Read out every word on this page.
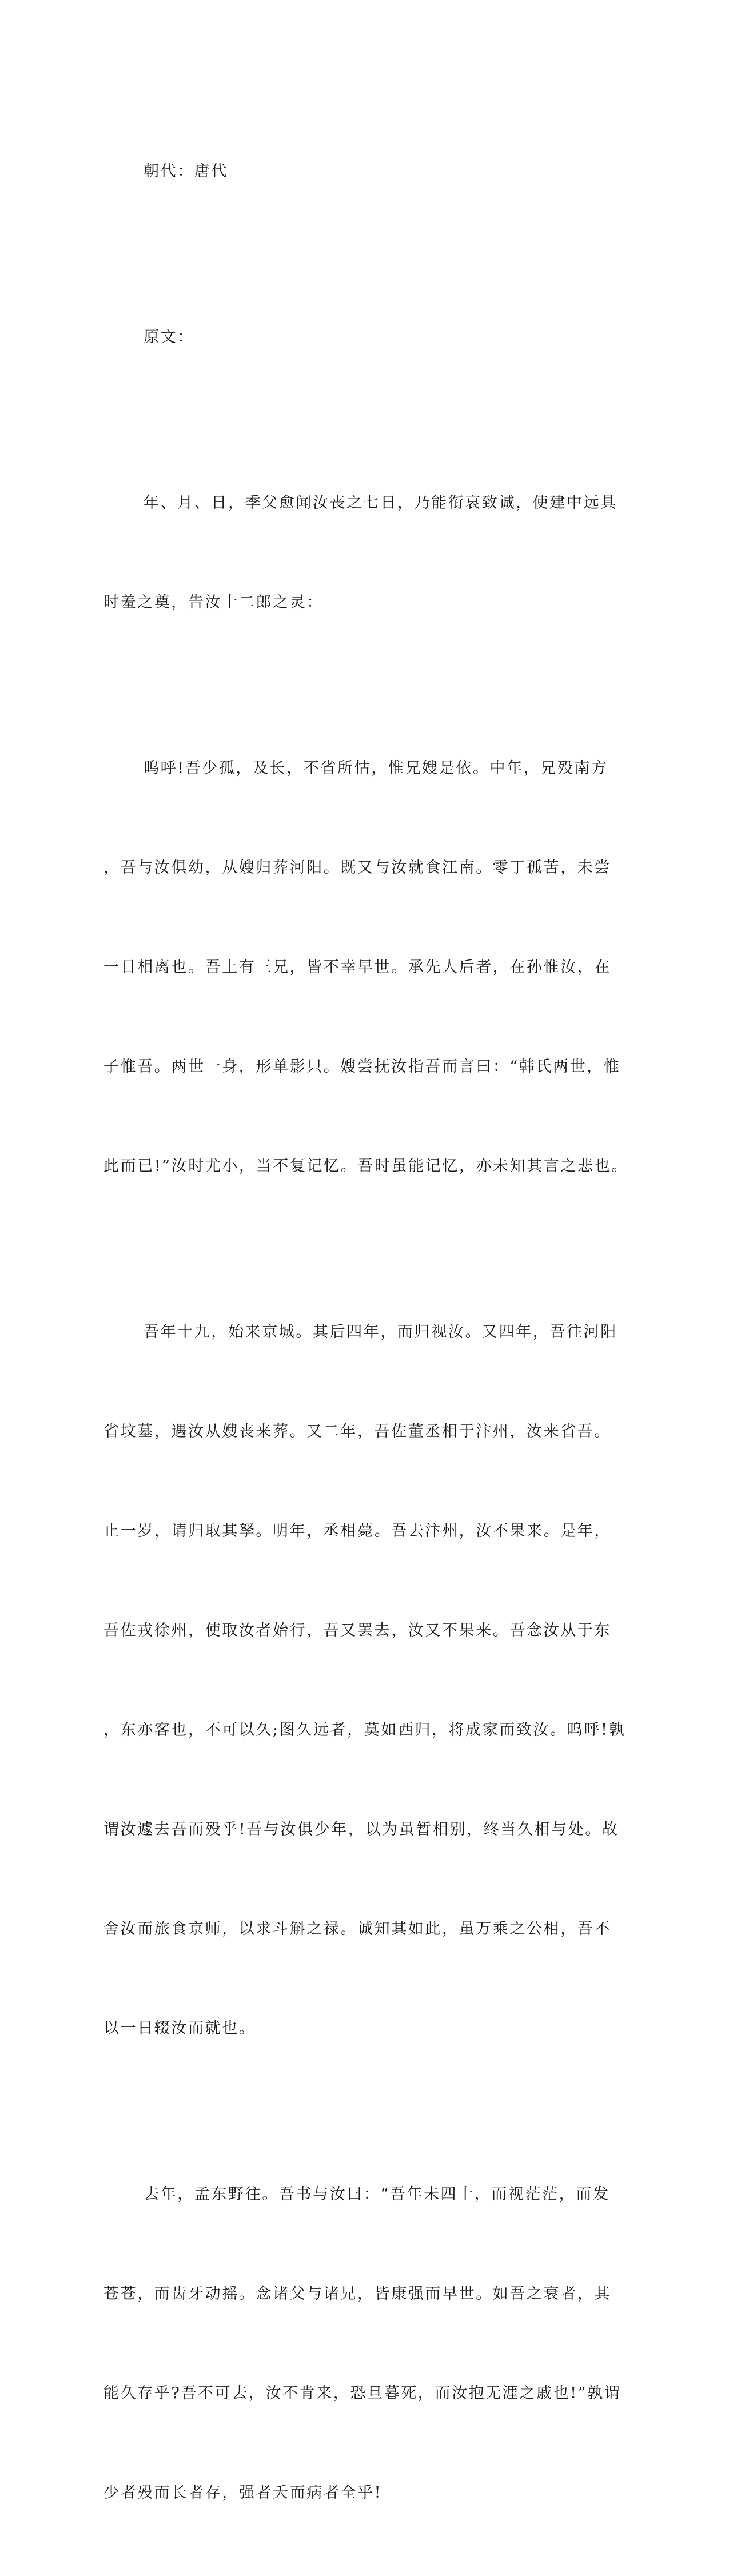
朝代：唐代

原文：

年、月、日，季父愈闻汝丧之七日，乃能衔哀致诚，使建中远具

时羞之奠，告汝十二郎之灵：

呜呼!吾少孤，及长，不省所怙，惟兄嫂是依。中年，兄殁南方

，吾与汝俱幼，从嫂归葬河阳。既又与汝就食江南。零丁孤苦，未尝

一日相离也。吾上有三兄，皆不幸早世。承先人后者，在孙惟汝，在

子惟吾。两世一身，形单影只。嫂尝抚汝指吾而言曰：“韩氏两世，惟

此而已!”汝时尤小，当不复记忆。吾时虽能记忆，亦未知其言之悲也。

吾年十九，始来京城。其后四年，而归视汝。又四年，吾往河阳

省坟墓，遇汝从嫂丧来葬。又二年，吾佐董丞相于汴州，汝来省吾。

止一岁，请归取其孥。明年，丞相薨。吾去汴州，汝不果来。是年，

吾佐戎徐州，使取汝者始行，吾又罢去，汝又不果来。吾念汝从于东

，东亦客也，不可以久;图久远者，莫如西归，将成家而致汝。呜呼!孰

谓汝遽去吾而殁乎!吾与汝俱少年，以为虽暂相别，终当久相与处。故

舍汝而旅食京师，以求斗斛之禄。诚知其如此，虽万乘之公相，吾不

以一日辍汝而就也。

去年，孟东野往。吾书与汝曰：“吾年未四十，而视茫茫，而发

苍苍，而齿牙动摇。念诸父与诸兄，皆康强而早世。如吾之衰者，其

能久存乎?吾不可去，汝不肯来，恐旦暮死，而汝抱无涯之戚也!”孰谓

少者殁而长者存，强者夭而病者全乎!
